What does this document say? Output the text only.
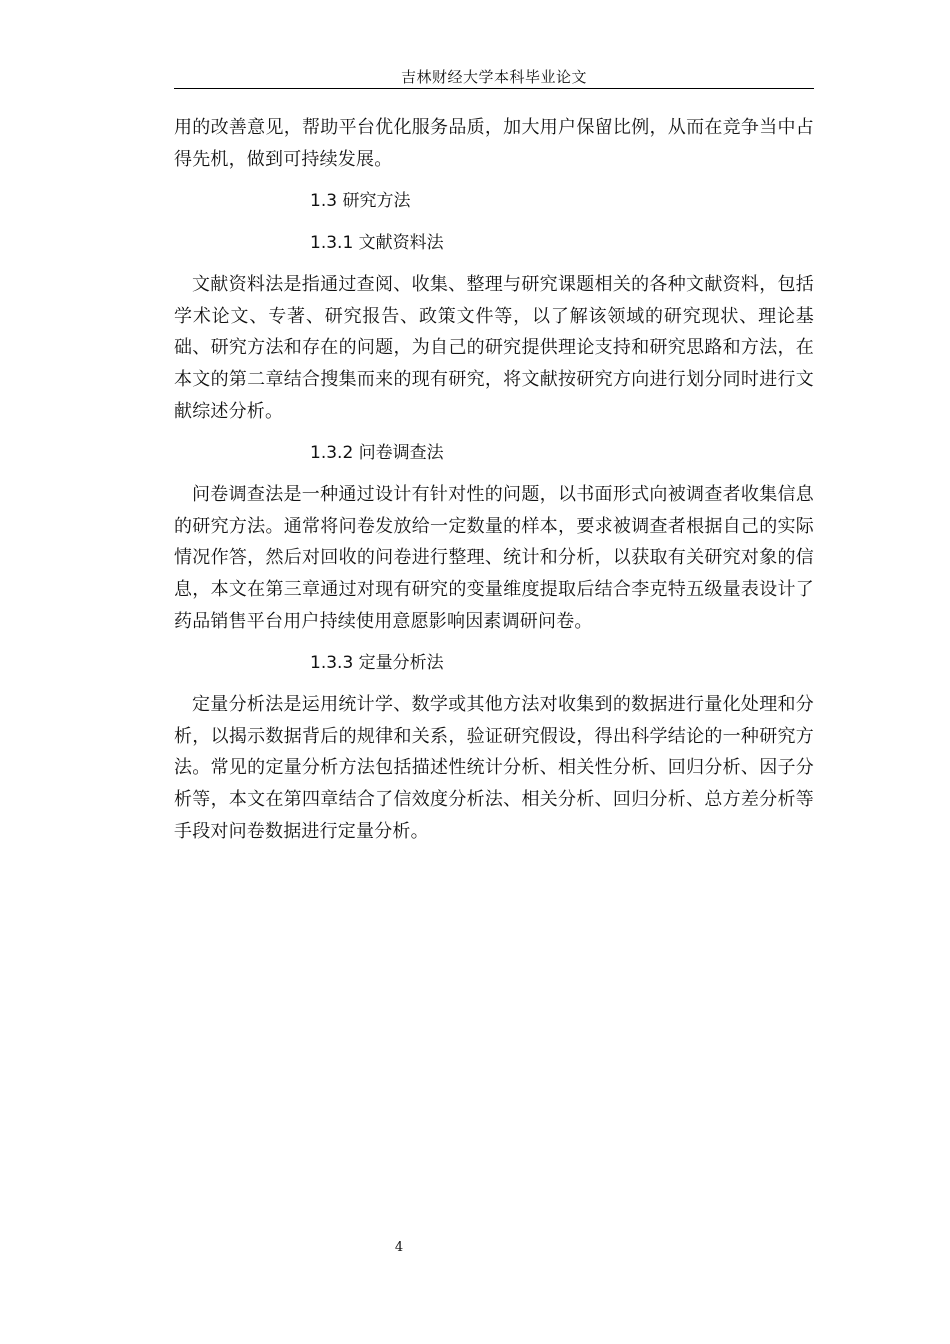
吉林财经大学本科毕业论文

用的改善意见，帮助平台优化服务品质，加大用户保留比例，从而在竞争当中占得先机，做到可持续发展。

1.3 研究方法
1.3.1 文献资料法

文献资料法是指通过查阅、收集、整理与研究课题相关的各种文献资料，包括学术论文、专著、研究报告、政策文件等，以了解该领域的研究现状、理论基础、研究方法和存在的问题，为自己的研究提供理论支持和研究思路和方法，在本文的第二章结合搜集而来的现有研究，将文献按研究方向进行划分同时进行文献综述分析。

1.3.2 问卷调查法

问卷调查法是一种通过设计有针对性的问题，以书面形式向被调查者收集信息的研究方法。通常将问卷发放给一定数量的样本，要求被调查者根据自己的实际情况作答，然后对回收的问卷进行整理、统计和分析，以获取有关研究对象的信息，本文在第三章通过对现有研究的变量维度提取后结合李克特五级量表设计了药品销售平台用户持续使用意愿影响因素调研问卷。

1.3.3 定量分析法

定量分析法是运用统计学、数学或其他方法对收集到的数据进行量化处理和分析，以揭示数据背后的规律和关系，验证研究假设，得出科学结论的一种研究方法。常见的定量分析方法包括描述性统计分析、相关性分析、回归分析、因子分析等，本文在第四章结合了信效度分析法、相关分析、回归分析、总方差分析等手段对问卷数据进行定量分析。

4
